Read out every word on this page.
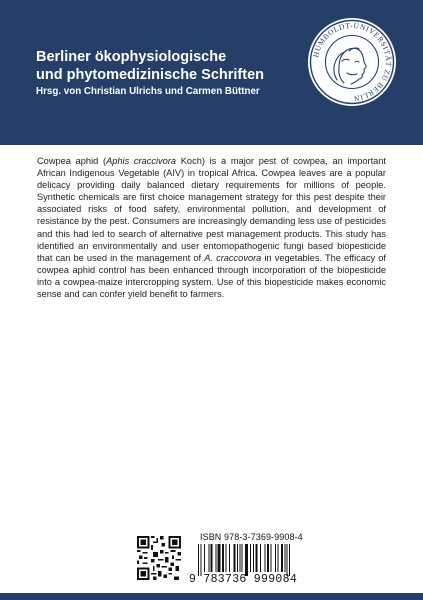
Berliner ökophysiologische
und phytomedizinische Schriften
Hrsg. von Christian Ulrichs und Carmen Büttner
HUMBOLDT-UNIVERSITÄT ZU BERLIN
Cowpea aphid (Aphis craccivora Koch) is a major pest of cowpea, an important African Indigenous Vegetable (AIV) in tropical Africa. Cowpea leaves are a popular delicacy providing daily balanced dietary requirements for millions of people. Synthetic chemicals are first choice management strategy for this pest despite their associated risks of food safety, environmental pollution, and development of resistance by the pest. Consumers are increasingly demanding less use of pesticides and this had led to search of alternative pest management products. This study has identified an environmentally and user entomopathogenic fungi based biopesticide that can be used in the management of A. craccovora in vegetables. The efficacy of cowpea aphid control has been enhanced through incorporation of the biopesticide into a cowpea-maize intercropping system. Use of this biopesticide makes economic sense and can confer yield benefit to farmers.
ISBN 978-3-7369-9908-4
9 783736 999084
